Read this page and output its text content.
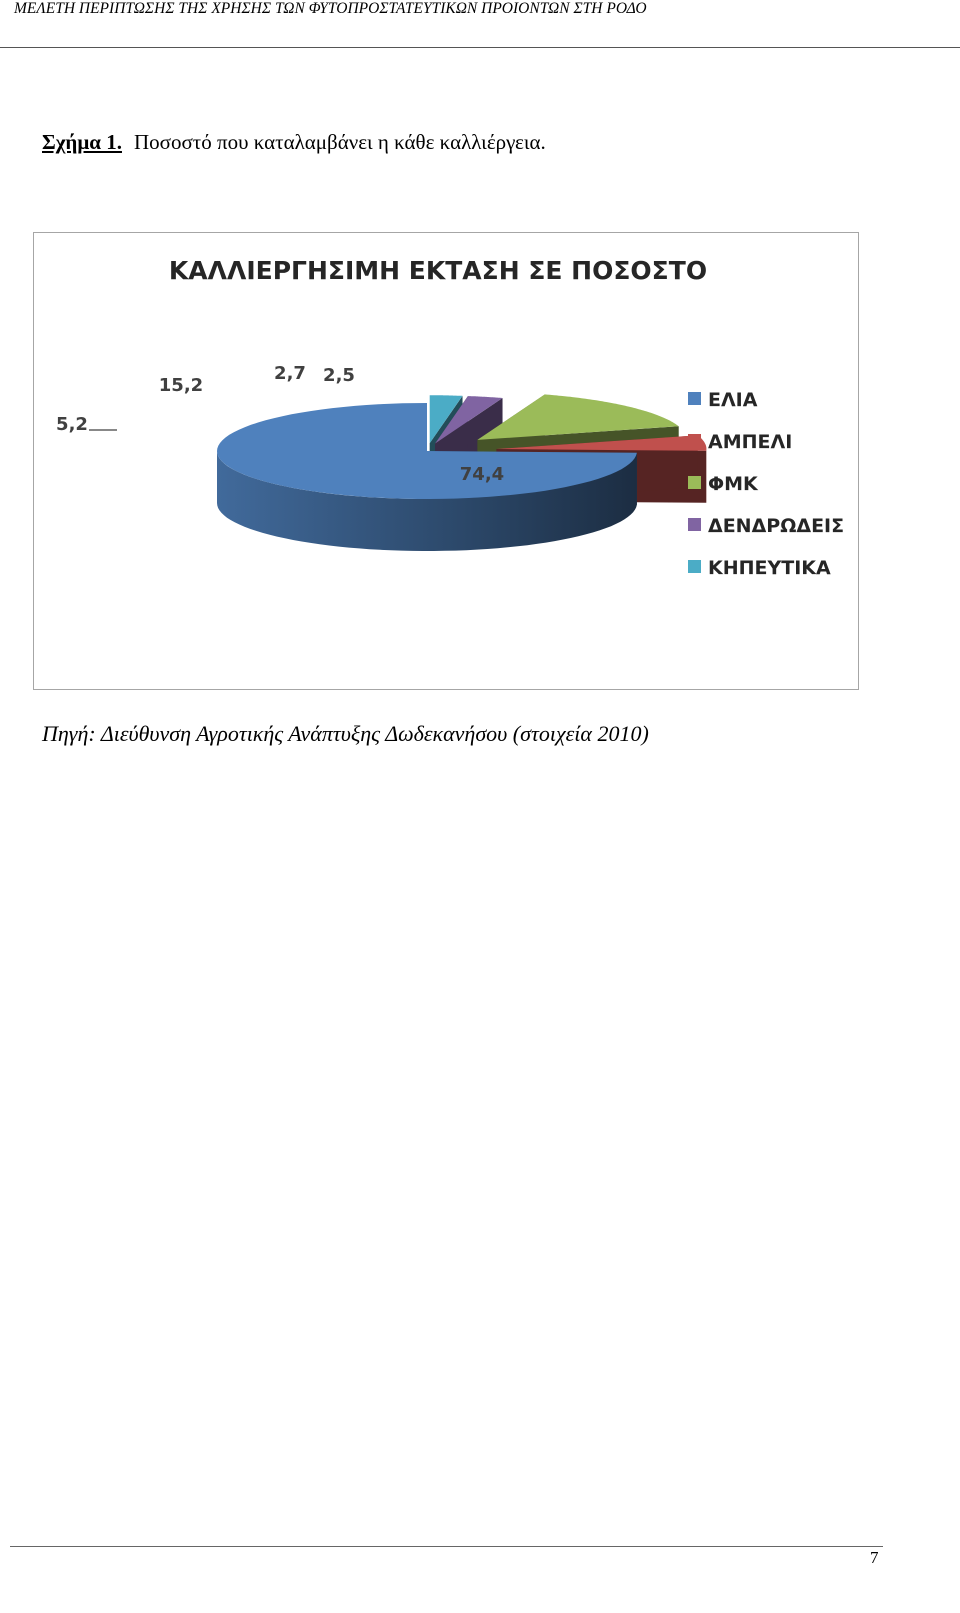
ΜΕΛΕΤΗ ΠΕΡΙΠΤΩΣΗΣ ΤΗΣ ΧΡΗΣΗΣ ΤΩΝ ΦΥΤΟΠΡΟΣΤΑΤΕΥΤΙΚΩΝ ΠΡΟΙΟΝΤΩΝ ΣΤΗ ΡΟΔΟ
Σχήμα 1. Ποσοστό που καταλαμβάνει η κάθε καλλιέργεια.
ΚΑΛΛΙΕΡΓΗΣΙΜΗ ΕΚΤΑΣΗ ΣΕ ΠΟΣΟΣΤΟ
74,4
5,2
15,2
2,7 2,5
ΕΛΙΑ
ΑΜΠΕΛΙ
ΦΜΚ
ΔΕΝΔΡΩΔΕΙΣ
ΚΗΠΕΥΤΙΚΑ
Πηγή: Διεύθυνση Αγροτικής Ανάπτυξης Δωδεκανήσου (στοιχεία 2010)
7
